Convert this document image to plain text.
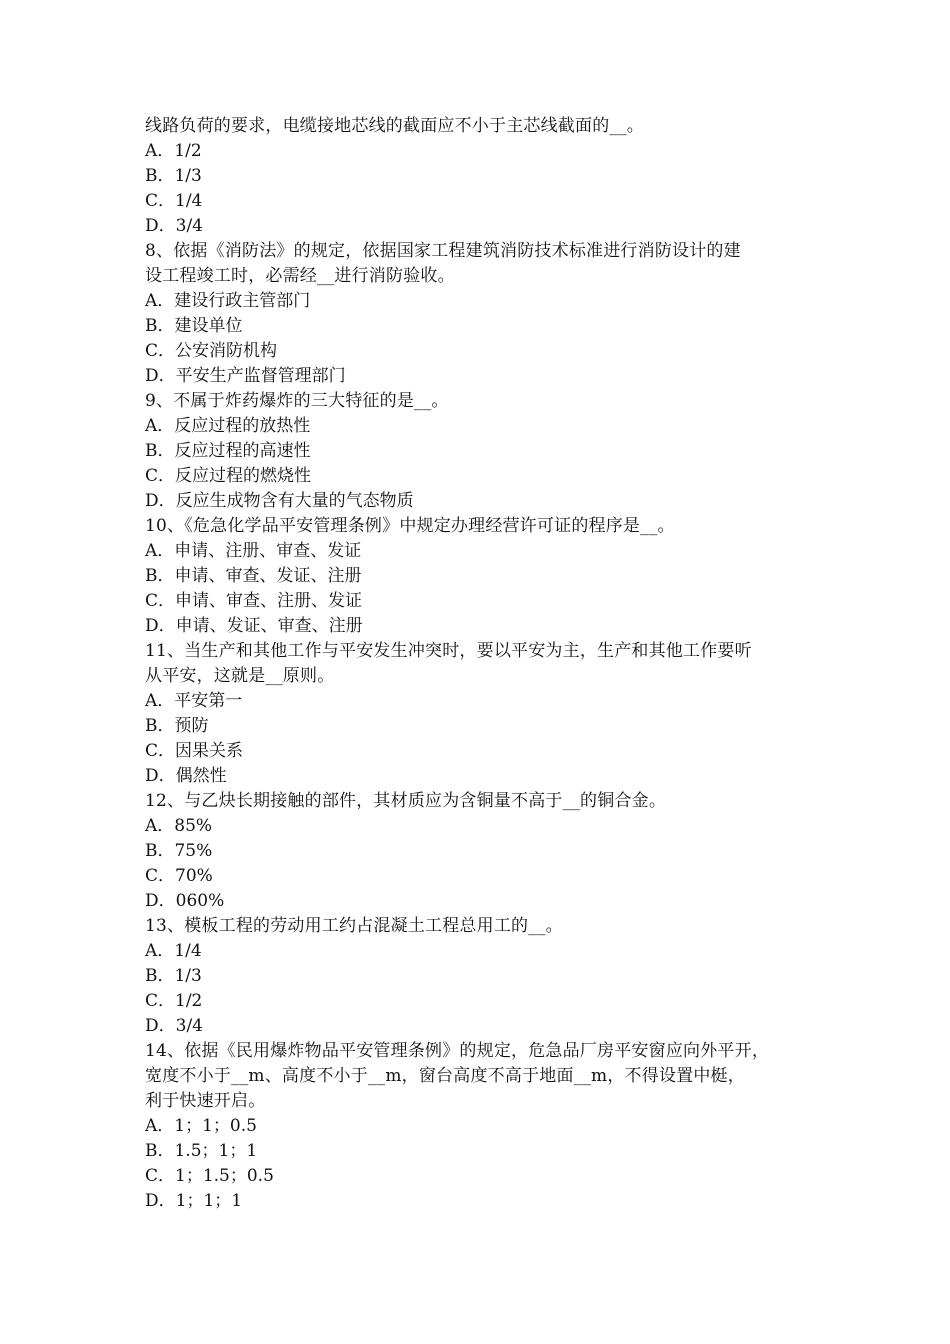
线路负荷的要求，电缆接地芯线的截面应不小于主芯线截面的__。
A．1/2
B．1/3
C．1/4
D．3/4
8、依据《消防法》的规定，依据国家工程建筑消防技术标准进行消防设计的建
设工程竣工时，必需经__进行消防验收。
A．建设行政主管部门
B．建设单位
C．公安消防机构
D．平安生产监督管理部门
9、不属于炸药爆炸的三大特征的是__。
A．反应过程的放热性
B．反应过程的高速性
C．反应过程的燃烧性
D．反应生成物含有大量的气态物质
10、《危急化学品平安管理条例》中规定办理经营许可证的程序是__。
A．申请、注册、审查、发证
B．申请、审查、发证、注册
C．申请、审查、注册、发证
D．申请、发证、审查、注册
11、当生产和其他工作与平安发生冲突时，要以平安为主，生产和其他工作要听
从平安，这就是__原则。
A．平安第一
B．预防
C．因果关系
D．偶然性
12、与乙炔长期接触的部件，其材质应为含铜量不高于__的铜合金。
A．85%
B．75%
C．70%
D．060%
13、模板工程的劳动用工约占混凝土工程总用工的__。
A．1/4
B．1/3
C．1/2
D．3/4
14、依据《民用爆炸物品平安管理条例》的规定，危急品厂房平安窗应向外平开，
宽度不小于__m、高度不小于__m，窗台高度不高于地面__m，不得设置中梃，
利于快速开启。
A．1；1；0.5
B．1.5；1；1
C．1；1.5；0.5
D．1；1；1
